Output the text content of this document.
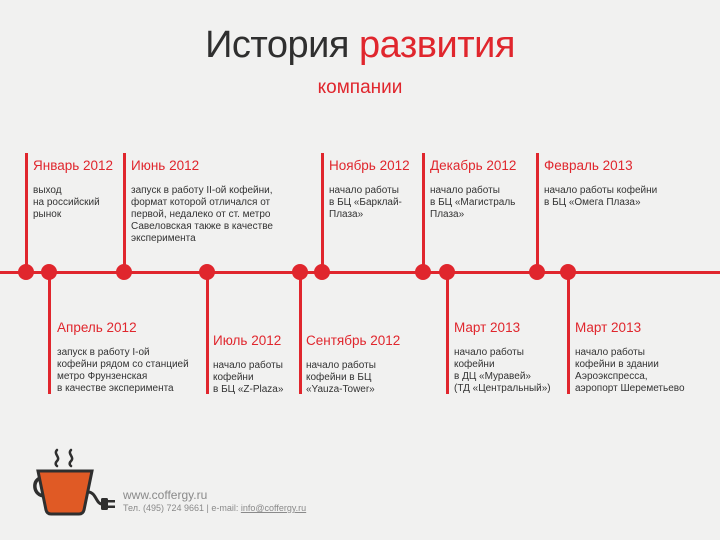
История развития
компании
Январь 2012
выход
на российский
рынок
Июнь 2012
запуск в работу II-ой кофейни,
формат которой отличался от
первой, недалеко от ст. метро
Савеловская также в качестве
эксперимента
Ноябрь 2012
начало работы
в БЦ «Барклай-
Плаза»
Декабрь 2012
начало работы
в БЦ «Магистраль
Плаза»
Февраль 2013
начало работы кофейни
в БЦ «Омега Плаза»
Апрель 2012
запуск в работу I-ой
кофейни рядом со станцией
метро Фрунзенская
в качестве эксперимента
Июль 2012
начало работы
кофейни
в БЦ «Z-Plaza»
Сентябрь 2012
начало работы
кофейни в БЦ
«Yauza-Tower»
Март 2013
начало работы
кофейни
в ДЦ «Муравей»
(ТД «Центральный»)
Март 2013
начало работы
кофейни в здании
Аэроэкспресса,
аэропорт Шереметьево
www.coffergy.ru
Тел. (495) 724 9661 | e-mail: info@coffergy.ru
